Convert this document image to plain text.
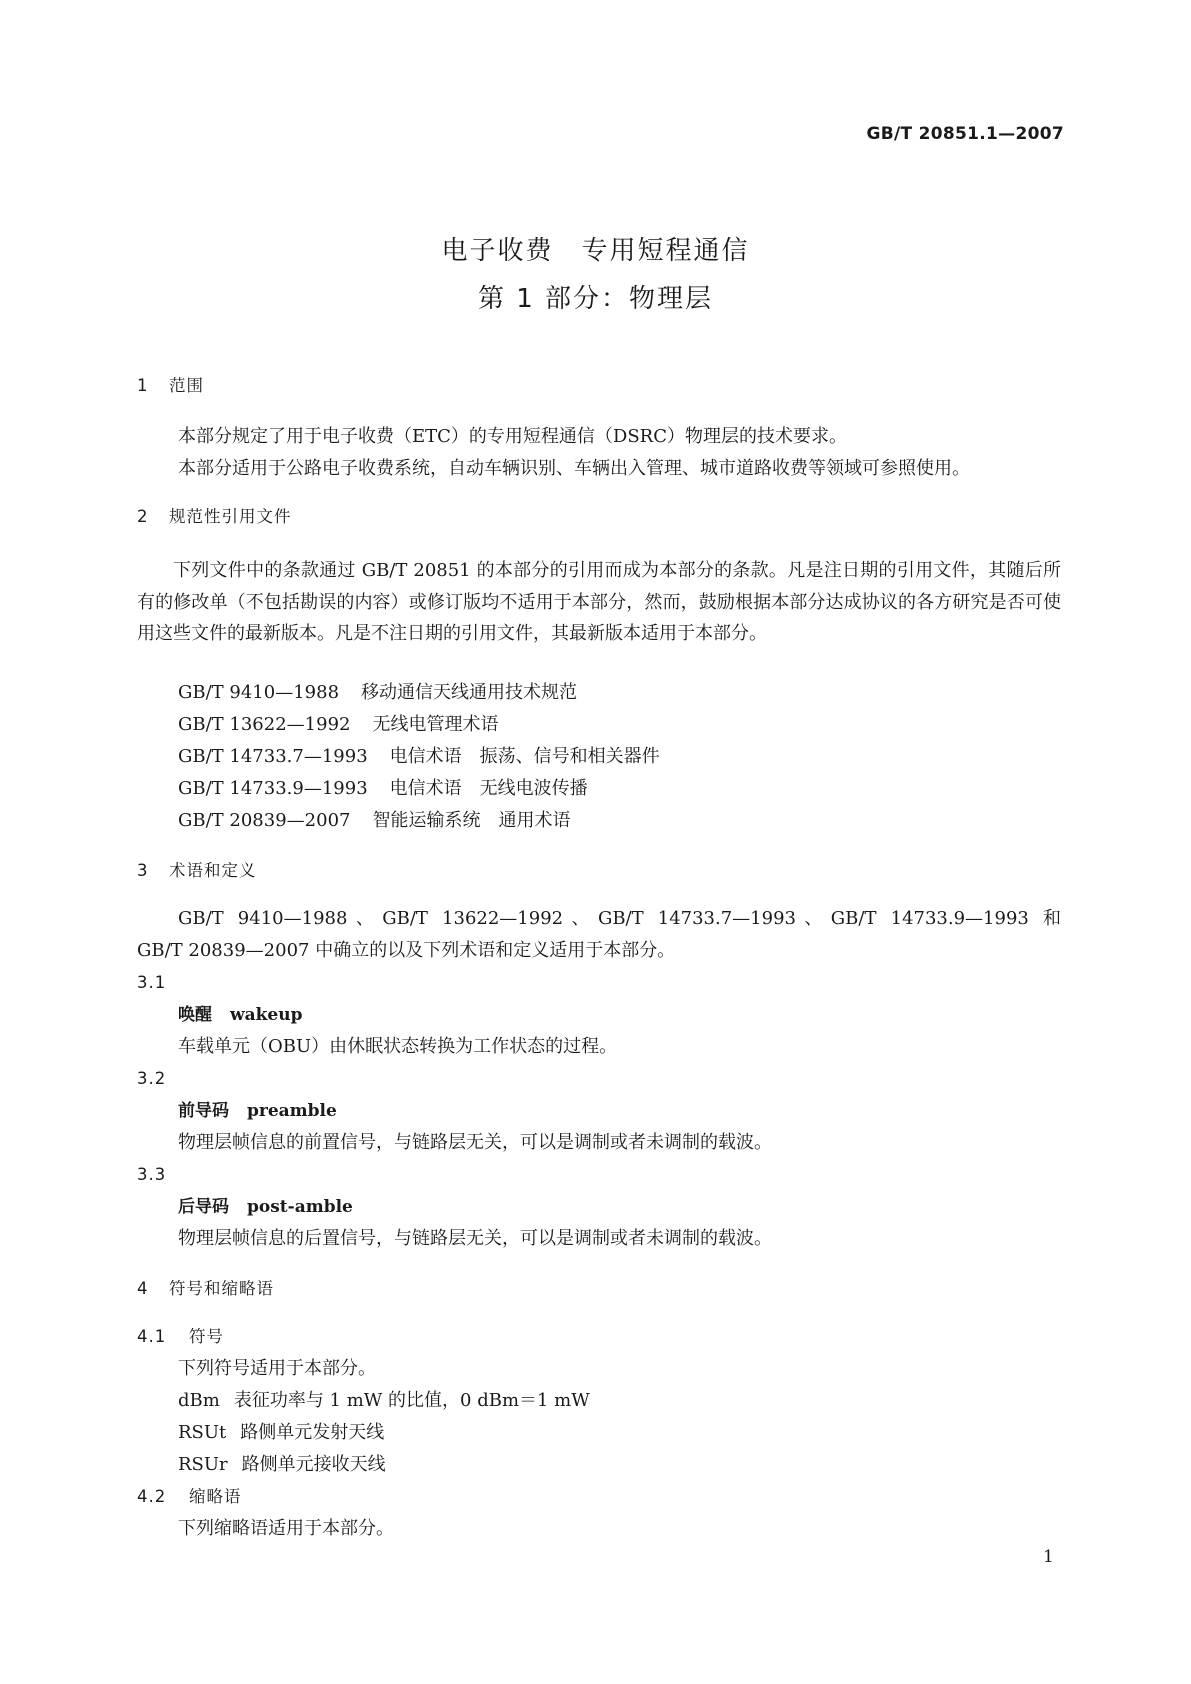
GB/T 20851.1—2007
电子收费　专用短程通信
第 1 部分：物理层
1 范围
本部分规定了用于电子收费（ETC）的专用短程通信（DSRC）物理层的技术要求。
本部分适用于公路电子收费系统，自动车辆识别、车辆出入管理、城市道路收费等领域可参照使用。
2 规范性引用文件

下列文件中的条款通过 GB/T 20851 的本部分的引用而成为本部分的条款。凡是注日期的引用文件，其随后所有的修改单（不包括勘误的内容）或修订版均不适用于本部分，然而，鼓励根据本部分达成协议的各方研究是否可使用这些文件的最新版本。凡是不注日期的引用文件，其最新版本适用于本部分。

GB/T 9410—1988 移动通信天线通用技术规范
GB/T 13622—1992 无线电管理术语
GB/T 14733.7—1993 电信术语　振荡、信号和相关器件
GB/T 14733.9—1993 电信术语　无线电波传播
GB/T 20839—2007 智能运输系统　通用术语
3 术语和定义
GB/T 9410—1988、GB/T 13622—1992、GB/T 14733.7—1993、GB/T 14733.9—1993 和
GB/T 20839—2007 中确立的以及下列术语和定义适用于本部分。
3.1
唤醒 wakeup
车载单元（OBU）由休眠状态转换为工作状态的过程。
3.2
前导码 preamble
物理层帧信息的前置信号，与链路层无关，可以是调制或者未调制的载波。
3.3
后导码 post-amble
物理层帧信息的后置信号，与链路层无关，可以是调制或者未调制的载波。
4 符号和缩略语
4.1 符号
下列符号适用于本部分。
dBm 表征功率与 1 mW 的比值，0 dBm＝1 mW
RSUt 路侧单元发射天线
RSUr 路侧单元接收天线
4.2 缩略语
下列缩略语适用于本部分。
1
